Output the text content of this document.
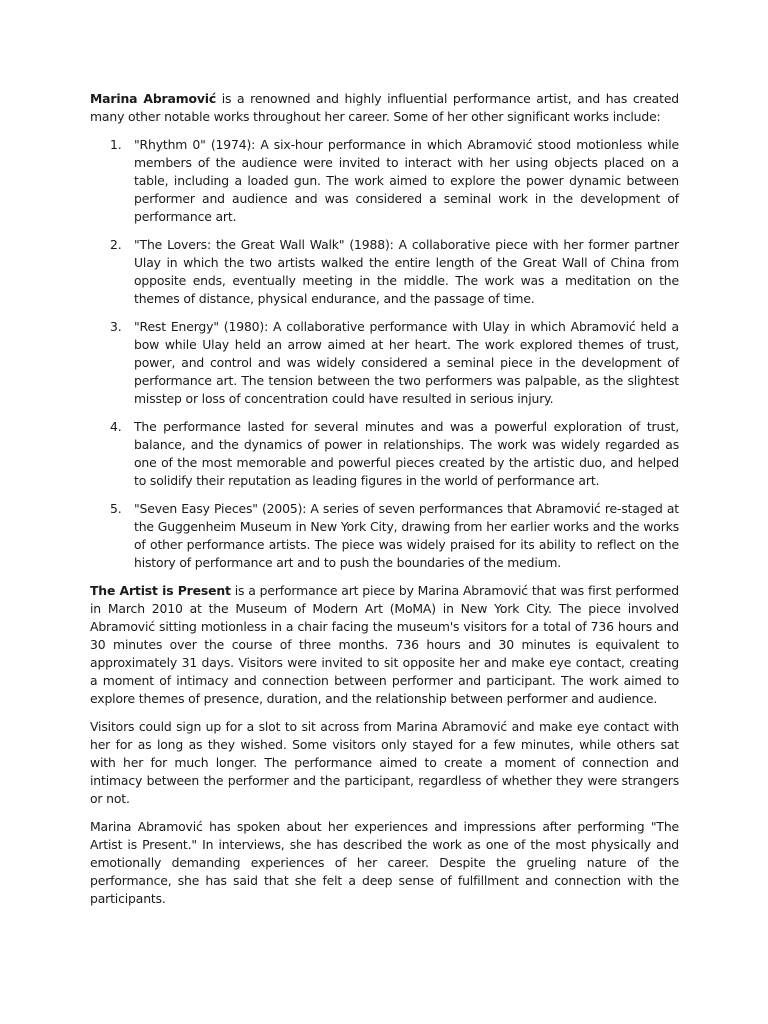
Marina Abramović is a renowned and highly influential performance artist, and has created many other notable works throughout her career. Some of her other significant works include:

1. "Rhythm 0" (1974): A six-hour performance in which Abramović stood motionless while members of the audience were invited to interact with her using objects placed on a table, including a loaded gun. The work aimed to explore the power dynamic between performer and audience and was considered a seminal work in the development of performance art.
2. "The Lovers: the Great Wall Walk" (1988): A collaborative piece with her former partner Ulay in which the two artists walked the entire length of the Great Wall of China from opposite ends, eventually meeting in the middle. The work was a meditation on the themes of distance, physical endurance, and the passage of time.
3. "Rest Energy" (1980): A collaborative performance with Ulay in which Abramović held a bow while Ulay held an arrow aimed at her heart. The work explored themes of trust, power, and control and was widely considered a seminal piece in the development of performance art. The tension between the two performers was palpable, as the slightest misstep or loss of concentration could have resulted in serious injury.
4. The performance lasted for several minutes and was a powerful exploration of trust, balance, and the dynamics of power in relationships. The work was widely regarded as one of the most memorable and powerful pieces created by the artistic duo, and helped to solidify their reputation as leading figures in the world of performance art.
5. "Seven Easy Pieces" (2005): A series of seven performances that Abramović re-staged at the Guggenheim Museum in New York City, drawing from her earlier works and the works of other performance artists. The piece was widely praised for its ability to reflect on the history of performance art and to push the boundaries of the medium.

The Artist is Present is a performance art piece by Marina Abramović that was first performed in March 2010 at the Museum of Modern Art (MoMA) in New York City. The piece involved Abramović sitting motionless in a chair facing the museum's visitors for a total of 736 hours and 30 minutes over the course of three months. 736 hours and 30 minutes is equivalent to approximately 31 days. Visitors were invited to sit opposite her and make eye contact, creating a moment of intimacy and connection between performer and participant. The work aimed to explore themes of presence, duration, and the relationship between performer and audience.

Visitors could sign up for a slot to sit across from Marina Abramović and make eye contact with her for as long as they wished. Some visitors only stayed for a few minutes, while others sat with her for much longer. The performance aimed to create a moment of connection and intimacy between the performer and the participant, regardless of whether they were strangers or not.

Marina Abramović has spoken about her experiences and impressions after performing "The Artist is Present." In interviews, she has described the work as one of the most physically and emotionally demanding experiences of her career. Despite the grueling nature of the performance, she has said that she felt a deep sense of fulfillment and connection with the participants.
